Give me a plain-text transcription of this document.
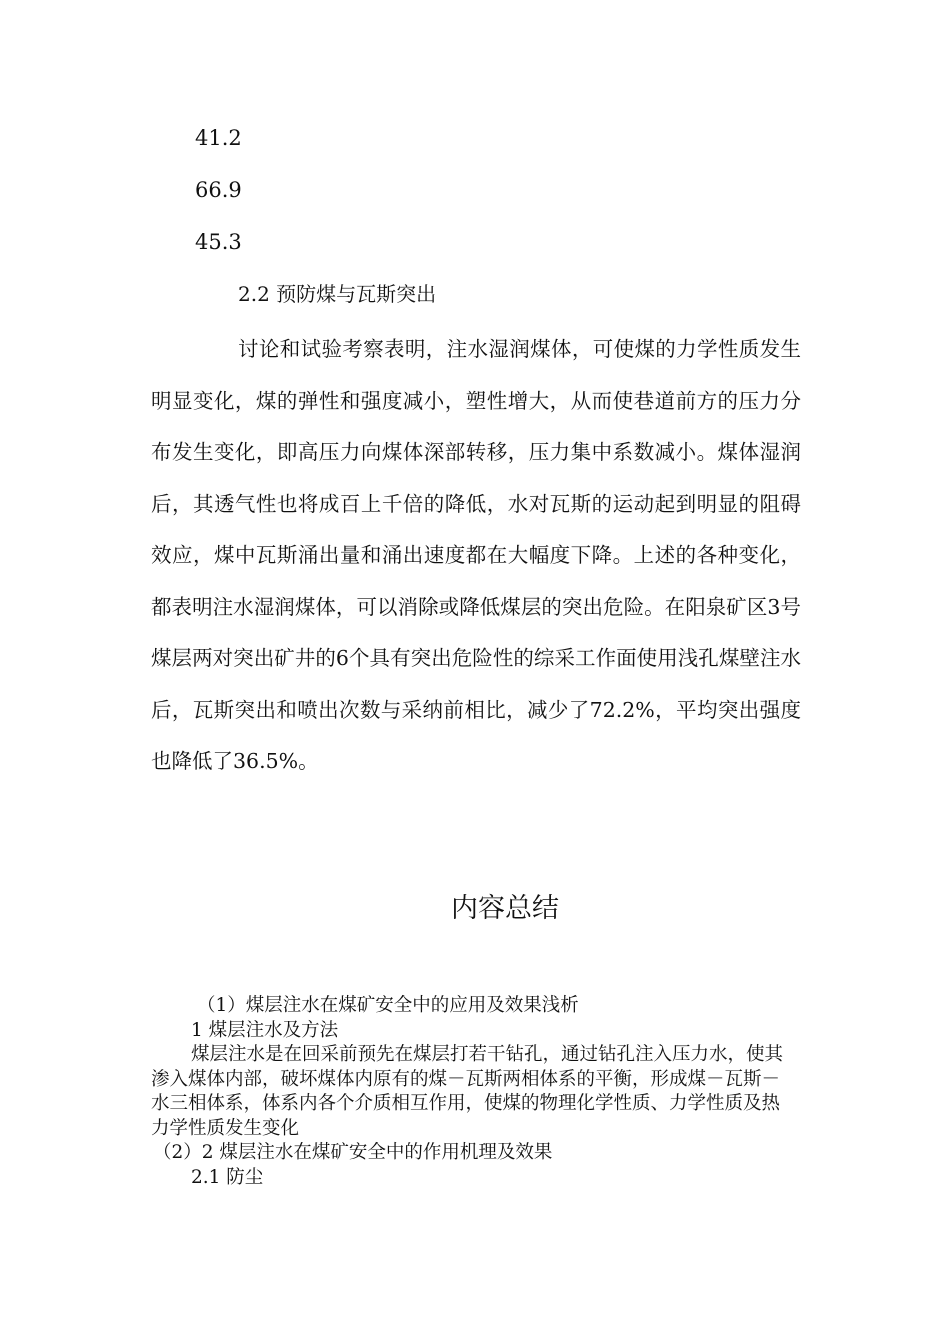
41.2
66.9
45.3
2.2 预防煤与瓦斯突出

讨论和试验考察表明，注水湿润煤体，可使煤的力学性质发生明显变化，煤的弹性和强度减小，塑性增大，从而使巷道前方的压力分布发生变化，即高压力向煤体深部转移，压力集中系数减小。煤体湿润后，其透气性也将成百上千倍的降低，水对瓦斯的运动起到明显的阻碍效应，煤中瓦斯涌出量和涌出速度都在大幅度下降。上述的各种变化，都表明注水湿润煤体，可以消除或降低煤层的突出危险。在阳泉矿区3号煤层两对突出矿井的6个具有突出危险性的综采工作面使用浅孔煤壁注水后，瓦斯突出和喷出次数与采纳前相比，减少了72.2%，平均突出强度也降低了36.5%。

内容总结

（1）煤层注水在煤矿安全中的应用及效果浅析

1 煤层注水及方法

煤层注水是在回采前预先在煤层打若干钻孔，通过钻孔注入压力水，使其渗入煤体内部，破坏煤体内原有的煤－瓦斯两相体系的平衡，形成煤－瓦斯－水三相体系，体系内各个介质相互作用，使煤的物理化学性质、力学性质及热力学性质发生变化

（2）2 煤层注水在煤矿安全中的作用机理及效果

2.1 防尘
